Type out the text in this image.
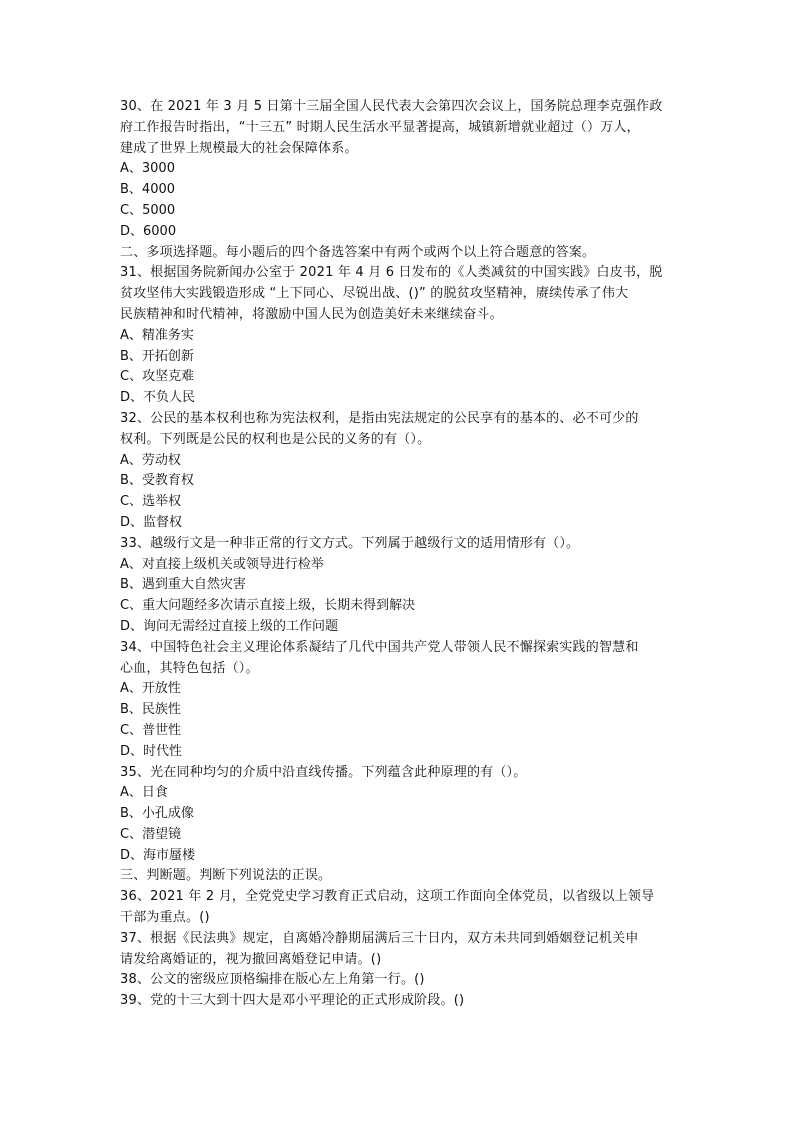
30、在 2021 年 3 月 5 日第十三届全国人民代表大会第四次会议上，国务院总理李克强作政
府工作报告时指出，“十三五” 时期人民生活水平显著提高，城镇新增就业超过（）万人，
建成了世界上规模最大的社会保障体系。
A、3000
B、4000
C、5000
D、6000
二、多项选择题。每小题后的四个备选答案中有两个或两个以上符合题意的答案。
31、根据国务院新闻办公室于 2021 年 4 月 6 日发布的《人类减贫的中国实践》白皮书，脱
贫攻坚伟大实践锻造形成 “上下同心、尽锐出战、()” 的脱贫攻坚精神，赓续传承了伟大
民族精神和时代精神，将激励中国人民为创造美好未来继续奋斗。
A、精准务实
B、开拓创新
C、攻坚克难
D、不负人民
32、公民的基本权利也称为宪法权利，是指由宪法规定的公民享有的基本的、必不可少的
权利。下列既是公民的权利也是公民的义务的有（）。
A、劳动权
B、受教育权
C、选举权
D、监督权
33、越级行文是一种非正常的行文方式。下列属于越级行文的适用情形有（）。
A、对直接上级机关或领导进行检举
B、遇到重大自然灾害
C、重大问题经多次请示直接上级，长期未得到解决
D、询问无需经过直接上级的工作问题
34、中国特色社会主义理论体系凝结了几代中国共产党人带领人民不懈探索实践的智慧和
心血，其特色包括（）。
A、开放性
B、民族性
C、普世性
D、时代性
35、光在同种均匀的介质中沿直线传播。下列蕴含此种原理的有（）。
A、日食
B、小孔成像
C、潜望镜
D、海市蜃楼
三、判断题。判断下列说法的正误。
36、2021 年 2 月，全党党史学习教育正式启动，这项工作面向全体党员，以省级以上领导
干部为重点。()
37、根据《民法典》规定，自离婚冷静期届满后三十日内，双方未共同到婚姻登记机关申
请发给离婚证的，视为撤回离婚登记申请。()
38、公文的密级应顶格编排在版心左上角第一行。()
39、党的十三大到十四大是邓小平理论的正式形成阶段。()
